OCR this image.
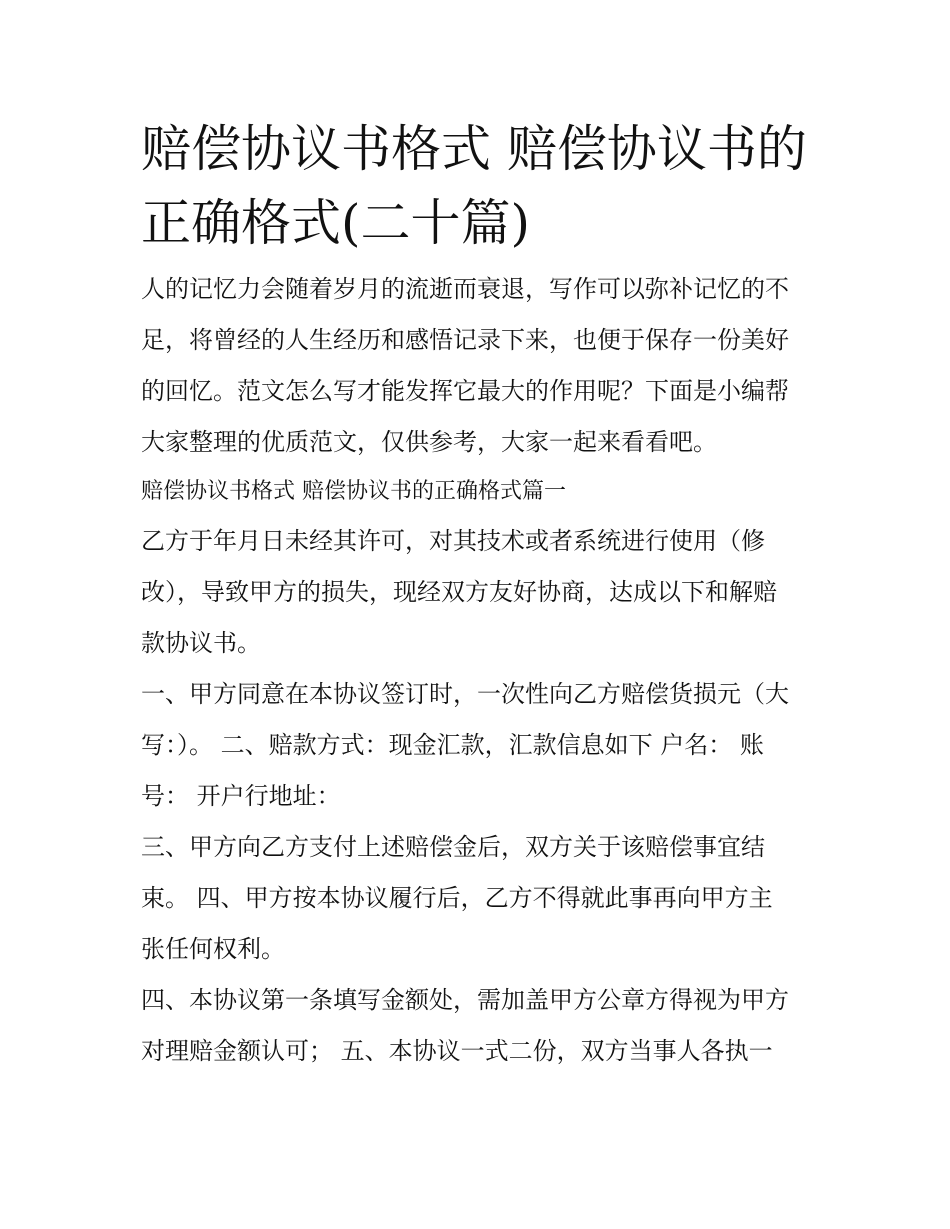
赔偿协议书格式 赔偿协议书的
正确格式(二十篇)

人的记忆力会随着岁月的流逝而衰退，写作可以弥补记忆的不
足，将曾经的人生经历和感悟记录下来，也便于保存一份美好
的回忆。范文怎么写才能发挥它最大的作用呢？下面是小编帮
大家整理的优质范文，仅供参考，大家一起来看看吧。

赔偿协议书格式 赔偿协议书的正确格式篇一

乙方于年月日未经其许可，对其技术或者系统进行使用（修
改），导致甲方的损失，现经双方友好协商，达成以下和解赔
款协议书。

一、甲方同意在本协议签订时，一次性向乙方赔偿货损元（大
写：）。 二、赔款方式：现金汇款，汇款信息如下 户名： 账
号： 开户行地址：

三、甲方向乙方支付上述赔偿金后，双方关于该赔偿事宜结
束。 四、甲方按本协议履行后，乙方不得就此事再向甲方主
张任何权利。

四、本协议第一条填写金额处，需加盖甲方公章方得视为甲方
对理赔金额认可； 五、本协议一式二份，双方当事人各执一
